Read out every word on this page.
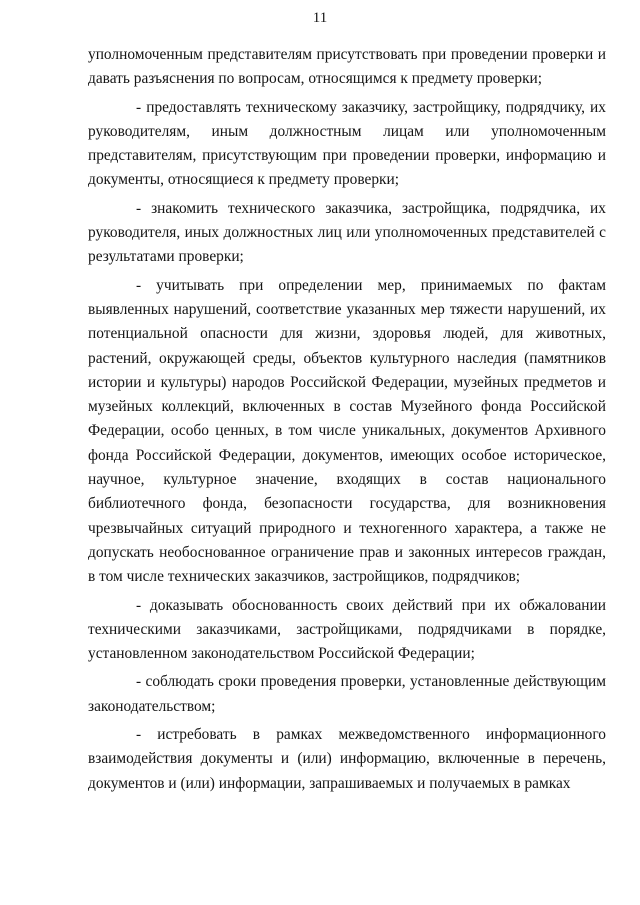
11

уполномоченным представителям присутствовать при проведении проверки и давать разъяснения по вопросам, относящимся к предмету проверки;

- предоставлять техническому заказчику, застройщику, подрядчику, их руководителям, иным должностным лицам или уполномоченным представителям, присутствующим при проведении проверки, информацию и документы, относящиеся к предмету проверки;

- знакомить технического заказчика, застройщика, подрядчика, их руководителя, иных должностных лиц или уполномоченных представителей с результатами проверки;

- учитывать при определении мер, принимаемых по фактам выявленных нарушений, соответствие указанных мер тяжести нарушений, их потенциальной опасности для жизни, здоровья людей, для животных, растений, окружающей среды, объектов культурного наследия (памятников истории и культуры) народов Российской Федерации, музейных предметов и музейных коллекций, включенных в состав Музейного фонда Российской Федерации, особо ценных, в том числе уникальных, документов Архивного фонда Российской Федерации, документов, имеющих особое историческое, научное, культурное значение, входящих в состав национального библиотечного фонда, безопасности государства, для возникновения чрезвычайных ситуаций природного и техногенного характера, а также не допускать необоснованное ограничение прав и законных интересов граждан, в том числе технических заказчиков, застройщиков, подрядчиков;

- доказывать обоснованность своих действий при их обжаловании техническими заказчиками, застройщиками, подрядчиками в порядке, установленном законодательством Российской Федерации;

- соблюдать сроки проведения проверки, установленные действующим законодательством;

- истребовать в рамках межведомственного информационного взаимодействия документы и (или) информацию, включенные в перечень, документов и (или) информации, запрашиваемых и получаемых в рамках
